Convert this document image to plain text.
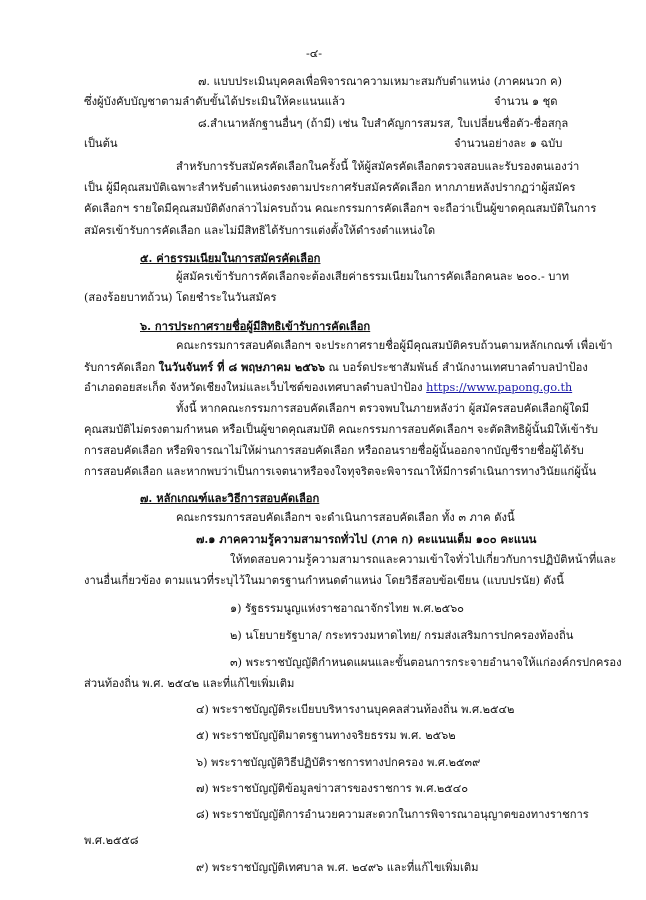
-๔-
๗. แบบประเมินบุคคลเพื่อพิจารณาความเหมาะสมกับตำแหน่ง (ภาคผนวก ค)
ซึ่งผู้บังคับบัญชาตามลำดับขั้นได้ประเมินให้คะแนนแล้ว	จำนวน ๑ ชุด
๘.สำเนาหลักฐานอื่นๆ (ถ้ามี) เช่น ใบสำคัญการสมรส, ใบเปลี่ยนชื่อตัว-ชื่อสกุล
เป็นต้น	จำนวนอย่างละ ๑ ฉบับ
สำหรับการรับสมัครคัดเลือกในครั้งนี้ ให้ผู้สมัครคัดเลือกตรวจสอบและรับรองตนเองว่า
เป็น ผู้มีคุณสมบัติเฉพาะสำหรับตำแหน่งตรงตามประกาศรับสมัครคัดเลือก หากภายหลังปรากฏว่าผู้สมัคร
คัดเลือกฯ รายใดมีคุณสมบัติดังกล่าวไม่ครบถ้วน คณะกรรมการคัดเลือกฯ จะถือว่าเป็นผู้ขาดคุณสมบัติในการ
สมัครเข้ารับการคัดเลือก และไม่มีสิทธิได้รับการแต่งตั้งให้ดำรงตำแหน่งใด
๕. ค่าธรรมเนียมในการสมัครคัดเลือก
ผู้สมัครเข้ารับการคัดเลือกจะต้องเสียค่าธรรมเนียมในการคัดเลือกคนละ ๒๐๐.- บาท
(สองร้อยบาทถ้วน) โดยชำระในวันสมัคร
๖. การประกาศรายชื่อผู้มีสิทธิเข้ารับการคัดเลือก
คณะกรรมการสอบคัดเลือกฯ จะประกาศรายชื่อผู้มีคุณสมบัติครบถ้วนตามหลักเกณฑ์ เพื่อเข้า
รับการคัดเลือก ในวันจันทร์ ที่ ๘ พฤษภาคม ๒๕๖๖ ณ บอร์ดประชาสัมพันธ์ สำนักงานเทศบาลตำบลป่าป้อง
อำเภอดอยสะเก็ด จังหวัดเชียงใหม่และเว็บไซต์ของเทศบาลตำบลป่าป้อง https://www.papong.go.th
ทั้งนี้ หากคณะกรรมการสอบคัดเลือกฯ ตรวจพบในภายหลังว่า ผู้สมัครสอบคัดเลือกผู้ใดมี
คุณสมบัติไม่ตรงตามกำหนด หรือเป็นผู้ขาดคุณสมบัติ คณะกรรมการสอบคัดเลือกฯ จะตัดสิทธิผู้นั้นมิให้เข้ารับ
การสอบคัดเลือก หรือพิจารณาไม่ให้ผ่านการสอบคัดเลือก หรือถอนรายชื่อผู้นั้นออกจากบัญชีรายชื่อผู้ได้รับ
การสอบคัดเลือก และหากพบว่าเป็นการเจตนาหรือจงใจทุจริตจะพิจารณาให้มีการดำเนินการทางวินัยแก่ผู้นั้น
๗. หลักเกณฑ์และวิธีการสอบคัดเลือก
คณะกรรมการสอบคัดเลือกฯ จะดำเนินการสอบคัดเลือก ทั้ง ๓ ภาค ดังนี้
๗.๑ ภาคความรู้ความสามารถทั่วไป (ภาค ก) คะแนนเต็ม ๑๐๐ คะแนน
ให้ทดสอบความรู้ความสามารถและความเข้าใจทั่วไปเกี่ยวกับการปฏิบัติหน้าที่และ
งานอื่นเกี่ยวข้อง ตามแนวที่ระบุไว้ในมาตรฐานกำหนดตำแหน่ง โดยวิธีสอบข้อเขียน (แบบปรนัย) ดังนี้
๑) รัฐธรรมนูญแห่งราชอาณาจักรไทย พ.ศ.๒๕๖๐
๒) นโยบายรัฐบาล/ กระทรวงมหาดไทย/ กรมส่งเสริมการปกครองท้องถิ่น
๓) พระราชบัญญัติกำหนดแผนและขั้นตอนการกระจายอำนาจให้แก่องค์กรปกครอง
ส่วนท้องถิ่น พ.ศ. ๒๕๔๒ และที่แก้ไขเพิ่มเติม
๔) พระราชบัญญัติระเบียบบริหารงานบุคคลส่วนท้องถิ่น พ.ศ.๒๕๔๒
๕) พระราชบัญญัติมาตรฐานทางจริยธรรม พ.ศ. ๒๕๖๒
๖) พระราชบัญญัติวิธีปฏิบัติราชการทางปกครอง พ.ศ.๒๕๓๙
๗) พระราชบัญญัติข้อมูลข่าวสารของราชการ พ.ศ.๒๕๔๐
๘) พระราชบัญญัติการอำนวยความสะดวกในการพิจารณาอนุญาตของทางราชการ
พ.ศ.๒๕๕๘
๙) พระราชบัญญัติเทศบาล พ.ศ. ๒๔๙๖ และที่แก้ไขเพิ่มเติม
